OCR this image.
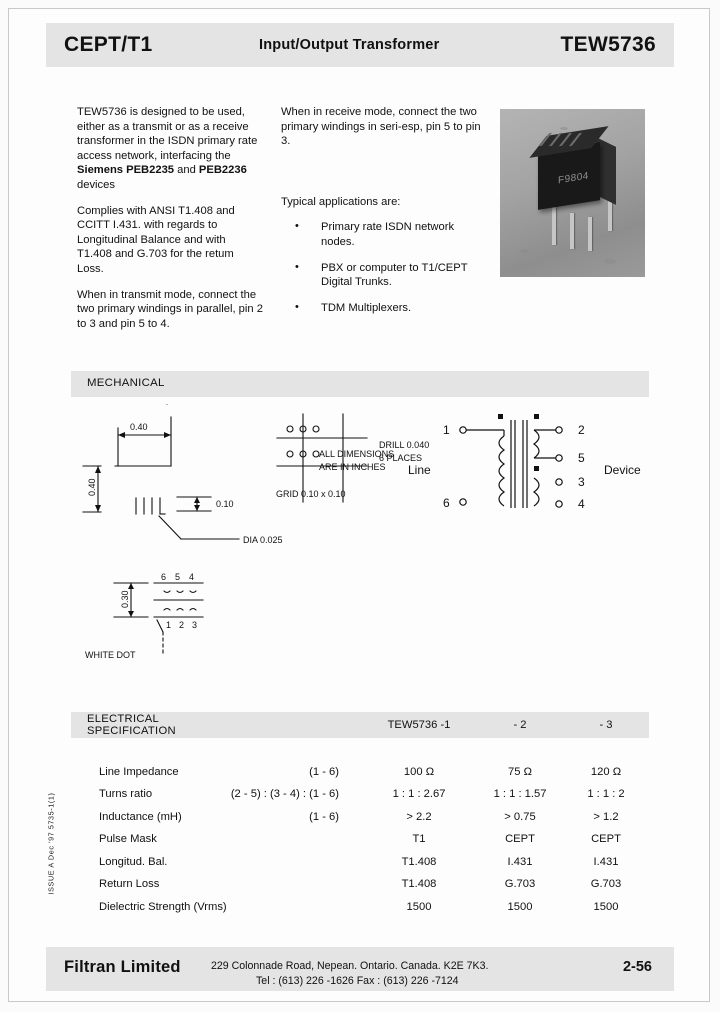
CEPT/T1	Input/Output Transformer	TEW5736

TEW5736 is designed to be used, either as a transmit or as a receive transformer in the ISDN primary rate access network, interfacing the Siemens PEB2235 and PEB2236 devices

Complies with ANSI T1.408 and CCITT I.431. with regards to Longitudinal Balance and with T1.408 and G.703 for the retum Loss.

When in transmit mode, connect the two primary windings in parallel, pin 2 to 3 and pin 5 to 4.

When in receive mode, connect the two primary windings in seri-esp, pin 5 to pin 3.

Typical applications are:

• Primary rate ISDN network nodes.
• PBX or computer to T1/CEPT Digital Trunks.
• TDM Multiplexers.
F9804
MECHANICAL
0.40
0.40
0.10
DIA 0.025
ALL DIMENSIONS
ARE IN INCHES
0.30
6 5 4
1 2 3
WHITE DOT
DRILL 0.040
6 PLACES
GRID 0.10 x 0.10
1
6
2
5
3
4
Line	Device
ELECTRICAL SPECIFICATION		TEW5736 -1	- 2	- 3

Line Impedance	(1 - 6)	100 Ω	75 Ω	120 Ω
Turns ratio	(2 - 5) : (3 - 4) : (1 - 6)	1 : 1 : 2.67	1 : 1 : 1.57	1 : 1 : 2
Inductance (mH)	(1 - 6)	> 2.2	> 0.75	> 1.2
Pulse Mask		T1	CEPT	CEPT
Longitud. Bal.		T1.408	I.431	I.431
Return Loss		T1.408	G.703	G.703
Dielectric Strength (Vrms)		1500	1500	1500
ISSUE A Dec '97 5735-1(1)
Filtran Limited	229 Colonnade Road, Nepean. Ontario. Canada. K2E 7K3.
Tel : (613) 226 -1626 Fax : (613) 226 -7124
2-56
